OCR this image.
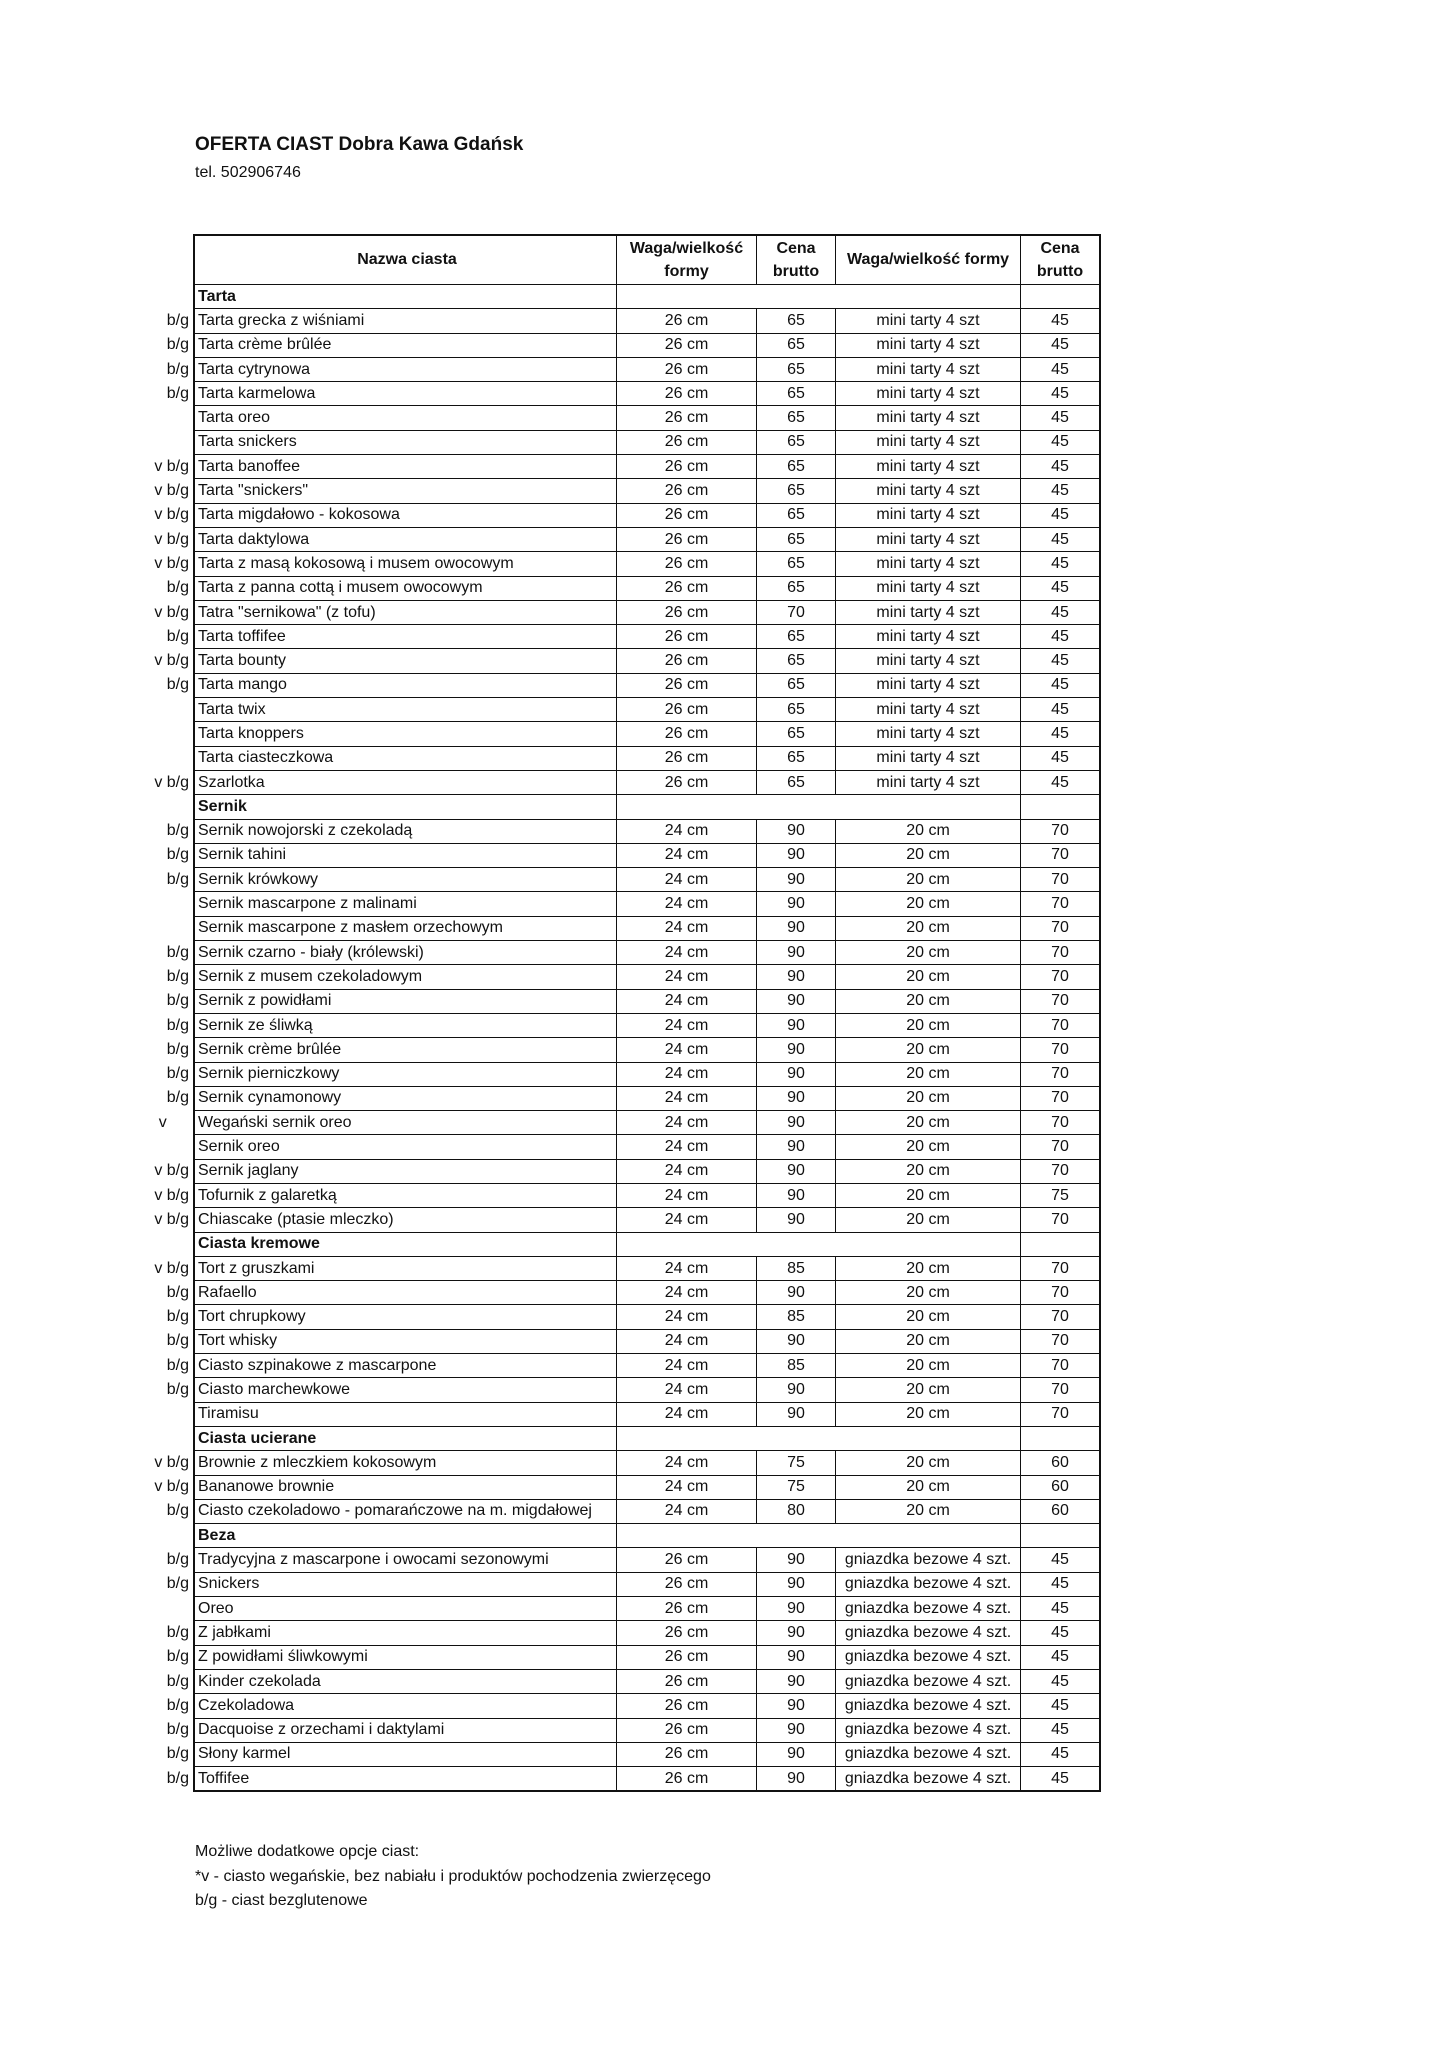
OFERTA CIAST Dobra Kawa Gdańsk
tel. 502906746
	Nazwa ciasta	Waga/wielkość formy	Cena brutto	Waga/wielkość formy	Cena brutto
	Tarta				
b/g	Tarta grecka z wiśniami	26 cm	65	mini tarty 4 szt	45
b/g	Tarta crème brûlée	26 cm	65	mini tarty 4 szt	45
b/g	Tarta cytrynowa	26 cm	65	mini tarty 4 szt	45
b/g	Tarta karmelowa	26 cm	65	mini tarty 4 szt	45
	Tarta oreo	26 cm	65	mini tarty 4 szt	45
	Tarta snickers	26 cm	65	mini tarty 4 szt	45
v b/g	Tarta banoffee	26 cm	65	mini tarty 4 szt	45
v b/g	Tarta "snickers"	26 cm	65	mini tarty 4 szt	45
v b/g	Tarta migdałowo - kokosowa	26 cm	65	mini tarty 4 szt	45
v b/g	Tarta daktylowa	26 cm	65	mini tarty 4 szt	45
v b/g	Tarta z masą kokosową i musem owocowym	26 cm	65	mini tarty 4 szt	45
b/g	Tarta z panna cottą i musem owocowym	26 cm	65	mini tarty 4 szt	45
v b/g	Tatra "sernikowa" (z tofu)	26 cm	70	mini tarty 4 szt	45
b/g	Tarta toffifee	26 cm	65	mini tarty 4 szt	45
v b/g	Tarta bounty	26 cm	65	mini tarty 4 szt	45
b/g	Tarta mango	26 cm	65	mini tarty 4 szt	45
	Tarta twix	26 cm	65	mini tarty 4 szt	45
	Tarta knoppers	26 cm	65	mini tarty 4 szt	45
	Tarta ciasteczkowa	26 cm	65	mini tarty 4 szt	45
v b/g	Szarlotka	26 cm	65	mini tarty 4 szt	45
	Sernik				
b/g	Sernik nowojorski z czekoladą	24 cm	90	20 cm	70
b/g	Sernik tahini	24 cm	90	20 cm	70
b/g	Sernik krówkowy	24 cm	90	20 cm	70
	Sernik mascarpone z malinami	24 cm	90	20 cm	70
	Sernik mascarpone z masłem orzechowym	24 cm	90	20 cm	70
b/g	Sernik czarno - biały (królewski)	24 cm	90	20 cm	70
b/g	Sernik z musem czekoladowym	24 cm	90	20 cm	70
b/g	Sernik z powidłami	24 cm	90	20 cm	70
b/g	Sernik ze śliwką	24 cm	90	20 cm	70
b/g	Sernik crème brûlée	24 cm	90	20 cm	70
b/g	Sernik pierniczkowy	24 cm	90	20 cm	70
b/g	Sernik cynamonowy	24 cm	90	20 cm	70
v	Wegański sernik oreo	24 cm	90	20 cm	70
	Sernik oreo	24 cm	90	20 cm	70
v b/g	Sernik jaglany	24 cm	90	20 cm	70
v b/g	Tofurnik z galaretką	24 cm	90	20 cm	75
v b/g	Chiascake (ptasie mleczko)	24 cm	90	20 cm	70
	Ciasta kremowe				
v b/g	Tort z gruszkami	24 cm	85	20 cm	70
b/g	Rafaello	24 cm	90	20 cm	70
b/g	Tort chrupkowy	24 cm	85	20 cm	70
b/g	Tort whisky	24 cm	90	20 cm	70
b/g	Ciasto szpinakowe z mascarpone	24 cm	85	20 cm	70
b/g	Ciasto marchewkowe	24 cm	90	20 cm	70
	Tiramisu	24 cm	90	20 cm	70
	Ciasta ucierane				
v b/g	Brownie z mleczkiem kokosowym	24 cm	75	20 cm	60
v b/g	Bananowe brownie	24 cm	75	20 cm	60
b/g	Ciasto czekoladowo - pomarańczowe na m. migdałowej	24 cm	80	20 cm	60
	Beza				
b/g	Tradycyjna z mascarpone i owocami sezonowymi	26 cm	90	gniazdka bezowe 4 szt.	45
b/g	Snickers	26 cm	90	gniazdka bezowe 4 szt.	45
	Oreo	26 cm	90	gniazdka bezowe 4 szt.	45
b/g	Z jabłkami	26 cm	90	gniazdka bezowe 4 szt.	45
b/g	Z powidłami śliwkowymi	26 cm	90	gniazdka bezowe 4 szt.	45
b/g	Kinder czekolada	26 cm	90	gniazdka bezowe 4 szt.	45
b/g	Czekoladowa	26 cm	90	gniazdka bezowe 4 szt.	45
b/g	Dacquoise z orzechami i daktylami	26 cm	90	gniazdka bezowe 4 szt.	45
b/g	Słony karmel	26 cm	90	gniazdka bezowe 4 szt.	45
b/g	Toffifee	26 cm	90	gniazdka bezowe 4 szt.	45
Możliwe dodatkowe opcje ciast:
*v - ciasto wegańskie, bez nabiału i produktów pochodzenia zwierzęcego
b/g - ciast bezglutenowe
